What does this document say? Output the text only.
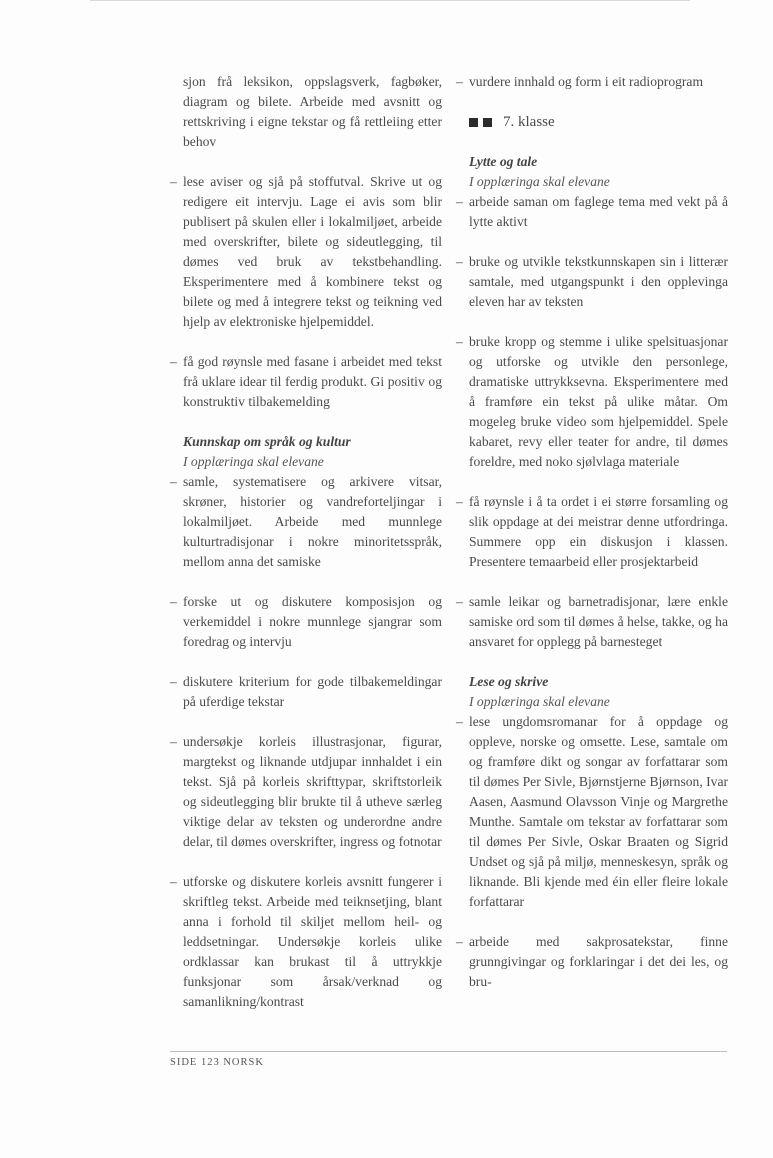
sjon frå leksikon, oppslagsverk, fagbøker, diagram og bilete. Arbeide med avsnitt og rettskriving i eigne tekstar og få rettleiing etter behov

– lese aviser og sjå på stoffutval. Skrive ut og redigere eit intervju. Lage ei avis som blir publisert på skulen eller i lokalmiljøet, arbeide med overskrifter, bilete og sideutlegging, til dømes ved bruk av tekstbehandling. Eksperimentere med å kombinere tekst og bilete og med å integrere tekst og teikning ved hjelp av elektroniske hjelpemiddel.

– få god røynsle med fasane i arbeidet med tekst frå uklare idear til ferdig produkt. Gi positiv og konstruktiv tilbakemelding

Kunnskap om språk og kultur
I opplæringa skal elevane

– samle, systematisere og arkivere vitsar, skrøner, historier og vandreforteljingar i lokalmiljøet. Arbeide med munnlege kulturtradisjonar i nokre minoritetsspråk, mellom anna det samiske

– forske ut og diskutere komposisjon og verkemiddel i nokre munnlege sjangrar som foredrag og intervju

– diskutere kriterium for gode tilbakemeldingar på uferdige tekstar

– undersøkje korleis illustrasjonar, figurar, margtekst og liknande utdjupar innhaldet i ein tekst. Sjå på korleis skrifttypar, skriftstorleik og sideutlegging blir brukte til å utheve særleg viktige delar av teksten og underordne andre delar, til dømes overskrifter, ingress og fotnotar

– utforske og diskutere korleis avsnitt fungerer i skriftleg tekst. Arbeide med teiknsetjing, blant anna i forhold til skiljet mellom heil- og leddsetningar. Undersøkje korleis ulike ordklassar kan brukast til å uttrykkje funksjonar som årsak/verknad og samanlikning/kontrast

– vurdere innhald og form i eit radioprogram

7. klasse
Lytte og tale
I opplæringa skal elevane

– arbeide saman om faglege tema med vekt på å lytte aktivt

– bruke og utvikle tekstkunnskapen sin i litterær samtale, med utgangspunkt i den opplevinga eleven har av teksten

– bruke kropp og stemme i ulike spelsituasjonar og utforske og utvikle den personlege, dramatiske uttrykksevna. Eksperimentere med å framføre ein tekst på ulike måtar. Om mogeleg bruke video som hjelpemiddel. Spele kabaret, revy eller teater for andre, til dømes foreldre, med noko sjølvlaga materiale

– få røynsle i å ta ordet i ei større forsamling og slik oppdage at dei meistrar denne utfordringa. Summere opp ein diskusjon i klassen. Presentere temaarbeid eller prosjektarbeid

– samle leikar og barnetradisjonar, lære enkle samiske ord som til dømes å helse, takke, og ha ansvaret for opplegg på barnesteget

Lese og skrive
I opplæringa skal elevane

– lese ungdomsromanar for å oppdage og oppleve, norske og omsette. Lese, samtale om og framføre dikt og songar av forfattarar som til dømes Per Sivle, Bjørnstjerne Bjørnson, Ivar Aasen, Aasmund Olavsson Vinje og Margrethe Munthe. Samtale om tekstar av forfattarar som til dømes Per Sivle, Oskar Braaten og Sigrid Undset og sjå på miljø, menneskesyn, språk og liknande. Bli kjende med éin eller fleire lokale forfattarar

– arbeide med sakprosatekstar, finne grunngivingar og forklaringar i det dei les, og bru-

SIDE 123 NORSK
